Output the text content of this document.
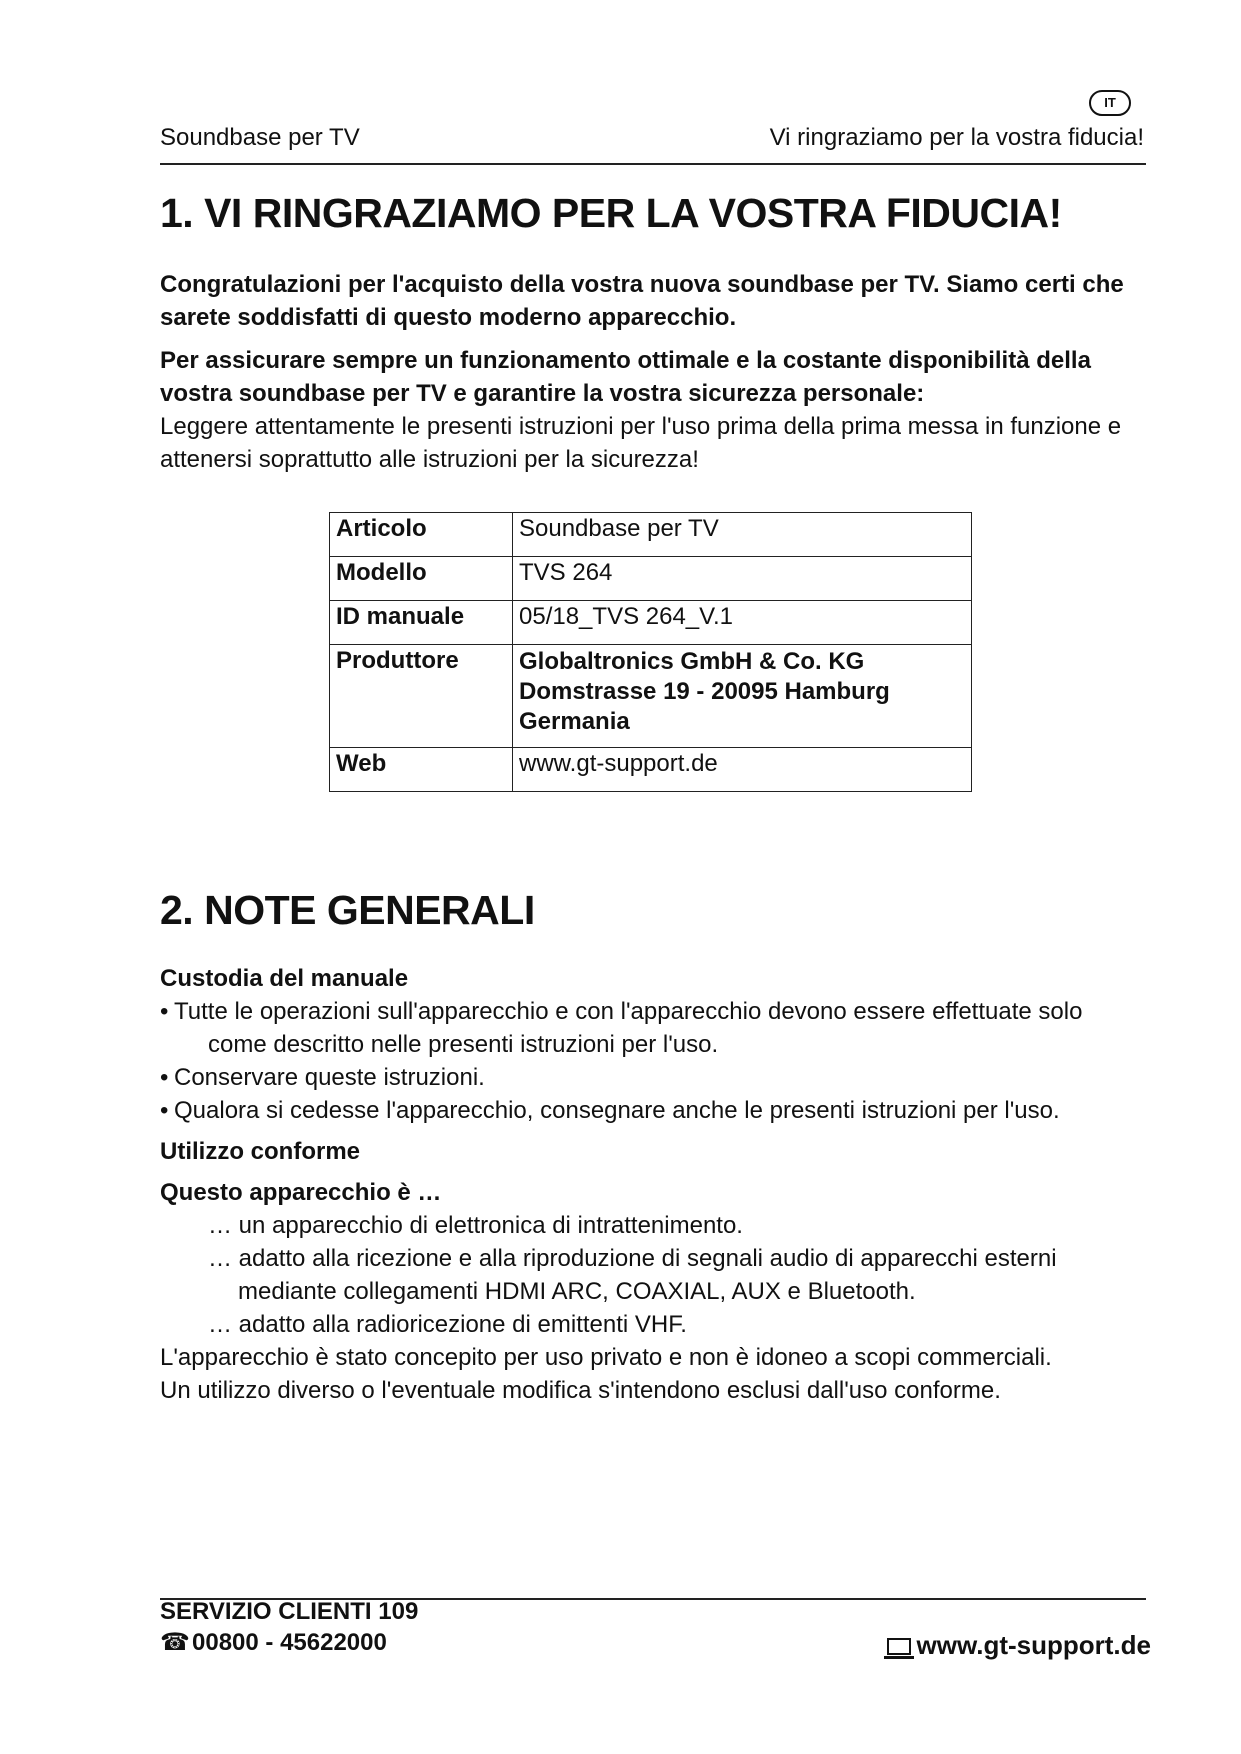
IT
Soundbase per TV	Vi ringraziamo per la vostra fiducia!
1. VI RINGRAZIAMO PER LA VOSTRA FIDUCIA!

Congratulazioni per l'acquisto della vostra nuova soundbase per TV. Siamo certi che sarete soddisfatti di questo moderno apparecchio.

Per assicurare sempre un funzionamento ottimale e la costante disponibilità della vostra soundbase per TV e garantire la vostra sicurezza personale:
Leggere attentamente le presenti istruzioni per l'uso prima della prima messa in funzione e attenersi soprattutto alle istruzioni per la sicurezza!

Articolo	Soundbase per TV
Modello	TVS 264
ID manuale	05/18_TVS 264_V.1
Produttore	Globaltronics GmbH & Co. KG
Domstrasse 19 - 20095 Hamburg
Germania

Web	www.gt-support.de
2. NOTE GENERALI

Custodia del manuale

• Tutte le operazioni sull'apparecchio e con l'apparecchio devono essere effettuate solo come descritto nelle presenti istruzioni per l'uso.
• Conservare queste istruzioni.
• Qualora si cedesse l'apparecchio, consegnare anche le presenti istruzioni per l'uso.

Utilizzo conforme

Questo apparecchio è …

… un apparecchio di elettronica di intrattenimento.
… adatto alla ricezione e alla riproduzione di segnali audio di apparecchi esterni mediante collegamenti HDMI ARC, COAXIAL, AUX e Bluetooth.
… adatto alla radioricezione di emittenti VHF.

L'apparecchio è stato concepito per uso privato e non è idoneo a scopi commerciali.

Un utilizzo diverso o l'eventuale modifica s'intendono esclusi dall'uso conforme.

SERVIZIO CLIENTI 109
☎00800 - 45622000	www.gt-support.de
